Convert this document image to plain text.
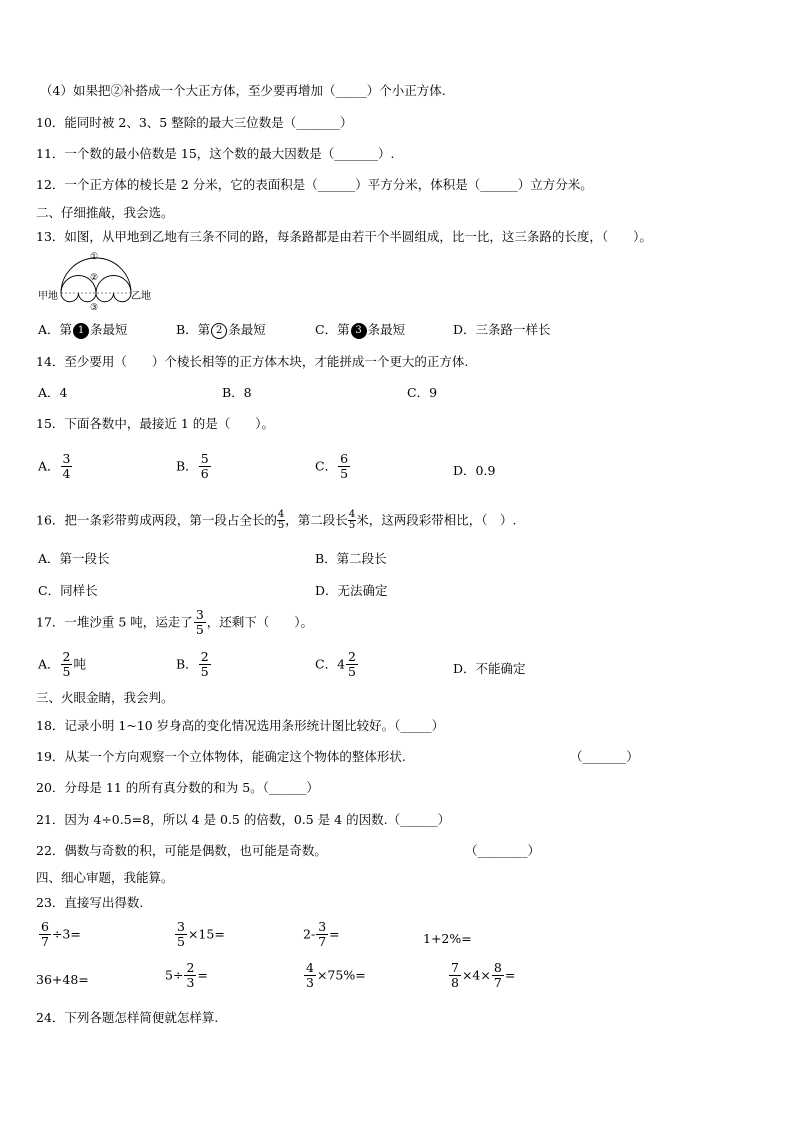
（4）如果把②补搭成一个大正方体，至少要再增加（_____）个小正方体.
10．能同时被 2、3、5 整除的最大三位数是（_______）
11．一个数的最小倍数是 15，这个数的最大因数是（_______）.
12．一个正方体的棱长是 2 分米，它的表面积是（______）平方分米，体积是（______）立方分米。
二、仔细推敲，我会选。
13．如图，从甲地到乙地有三条不同的路，每条路都是由若干个半圆组成，比一比，这三条路的长度，（　　）。
①
②
③
甲地	乙地
A．第 1 条最短	B．第 2 条最短	C．第 3 条最短	D．三条路一样长
14．至少要用（　　）个棱长相等的正方体木块，才能拼成一个更大的正方体.
A．4	B．8	C．9
15．下面各数中，最接近 1 的是（　　）。
A． $\frac{3}{4}$	B． $\frac{5}{6}$	C． $\frac{6}{5}$	D．0.9
16．把一条彩带剪成两段，第一段占全长的 $\frac{4}{5}$ ，第二段长 $\frac{4}{5}$ 米，这两段彩带相比，（　）.
A．第一段长	B．第二段长
C．同样长	D．无法确定
17．一堆沙重 5 吨，运走了 $\frac{3}{5}$ ，还剩下（　　）。
A． $\frac{2}{5}$ 吨	B． $\frac{2}{5}$	C．$4 \frac{2}{5}$	D．不能确定
三、火眼金睛，我会判。
18．记录小明 1~10 岁身高的变化情况选用条形统计图比较好。（_____）
19．从某一个方向观察一个立体物体，能确定这个物体的整体形状.	（_______）
20．分母是 11 的所有真分数的和为 5。（______）
21．因为 4÷0.5=8，所以 4 是 0.5 的倍数，0.5 是 4 的因数.（______）
22．偶数与奇数的积，可能是偶数，也可能是奇数。	（________）
四、细心审题，我能算。
23．直接写出得数.
$\frac{6}{7} \div 3=$	$\frac{3}{5} \times 15=$	$2- \frac{3}{7}$ =	1+2%=
36+48=	$5\div \frac{2}{3}$ =	$\frac{4}{3} \times 75\%=$	$\frac{7}{8} \times 4\times \frac{8}{7}$ =
24．下列各题怎样简便就怎样算.
